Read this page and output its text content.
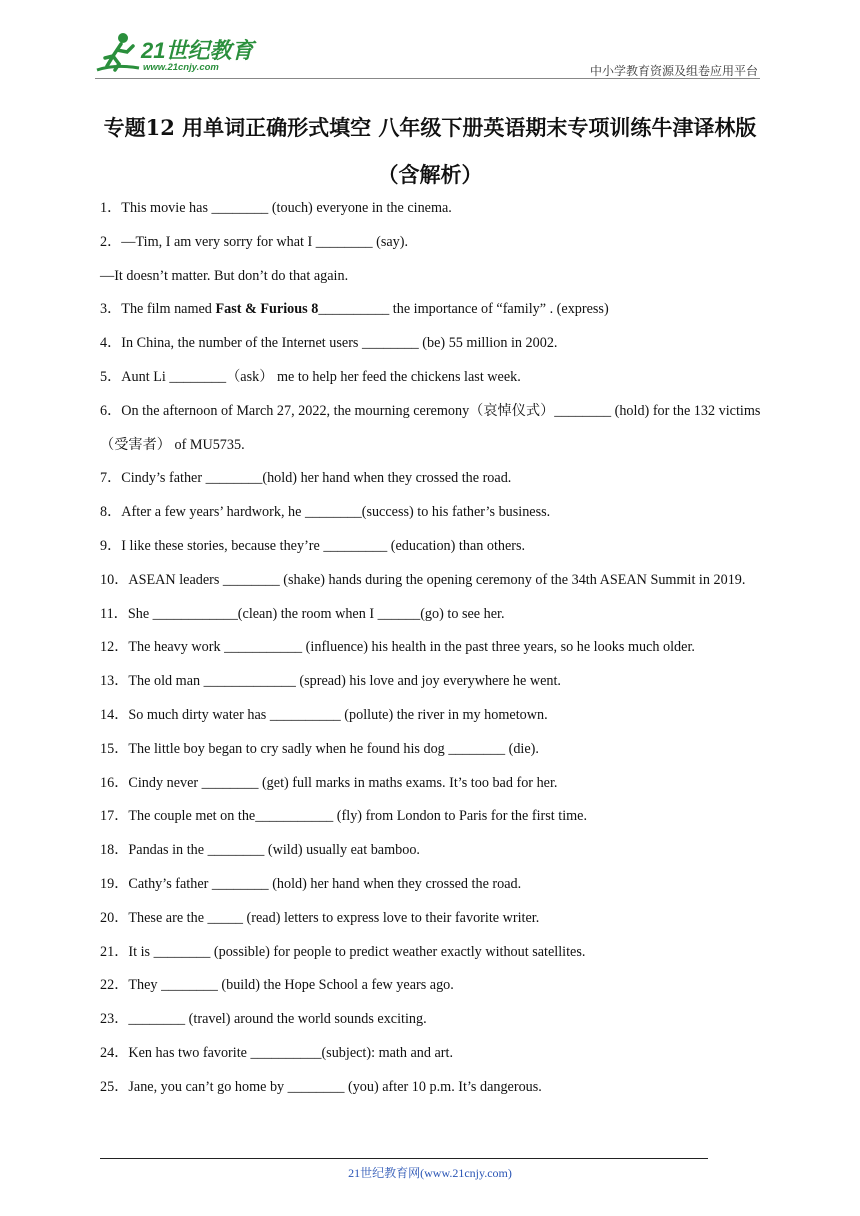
21世纪教育
www.21cnjy.com	中小学教育资源及组卷应用平台
专题12 用单词正确形式填空 八年级下册英语期末专项训练牛津译林版（含解析）

1．This movie has ________ (touch) everyone in the cinema.

2．—Tim, I am very sorry for what I ________ (say).

—It doesn’t matter. But don’t do that again.

3．The film named Fast & Furious 8__________ the importance of “family” . (express)

4．In China, the number of the Internet users ________ (be) 55 million in 2002.

5．Aunt Li ________（ask） me to help her feed the chickens last week.

6．On the afternoon of March 27, 2022, the mourning ceremony（哀悼仪式）________ (hold) for the 132 victims（受害者） of MU5735.

7．Cindy’s father ________(hold) her hand when they crossed the road.

8．After a few years’ hardwork, he ________(success) to his father’s business.

9．I like these stories, because they’re _________ (education) than others.

10．ASEAN leaders ________ (shake) hands during the opening ceremony of the 34th ASEAN Summit in 2019.

11．She ____________(clean) the room when I ______(go) to see her.

12．The heavy work ___________ (influence) his health in the past three years, so he looks much older.

13．The old man _____________ (spread) his love and joy everywhere he went.

14．So much dirty water has __________ (pollute) the river in my hometown.

15．The little boy began to cry sadly when he found his dog ________ (die).

16．Cindy never ________ (get) full marks in maths exams. It’s too bad for her.

17．The couple met on the___________ (fly) from London to Paris for the first time.

18．Pandas in the ________ (wild) usually eat bamboo.

19．Cathy’s father ________ (hold) her hand when they crossed the road.

20．These are the _____ (read) letters to express love to their favorite writer.

21．It is ________ (possible) for people to predict weather exactly without satellites.

22．They ________ (build) the Hope School a few years ago.

23．________ (travel) around the world sounds exciting.

24．Ken has two favorite __________(subject): math and art.

25．Jane, you can’t go home by ________ (you) after 10 p.m. It’s dangerous.

21世纪教育网(www.21cnjy.com)
